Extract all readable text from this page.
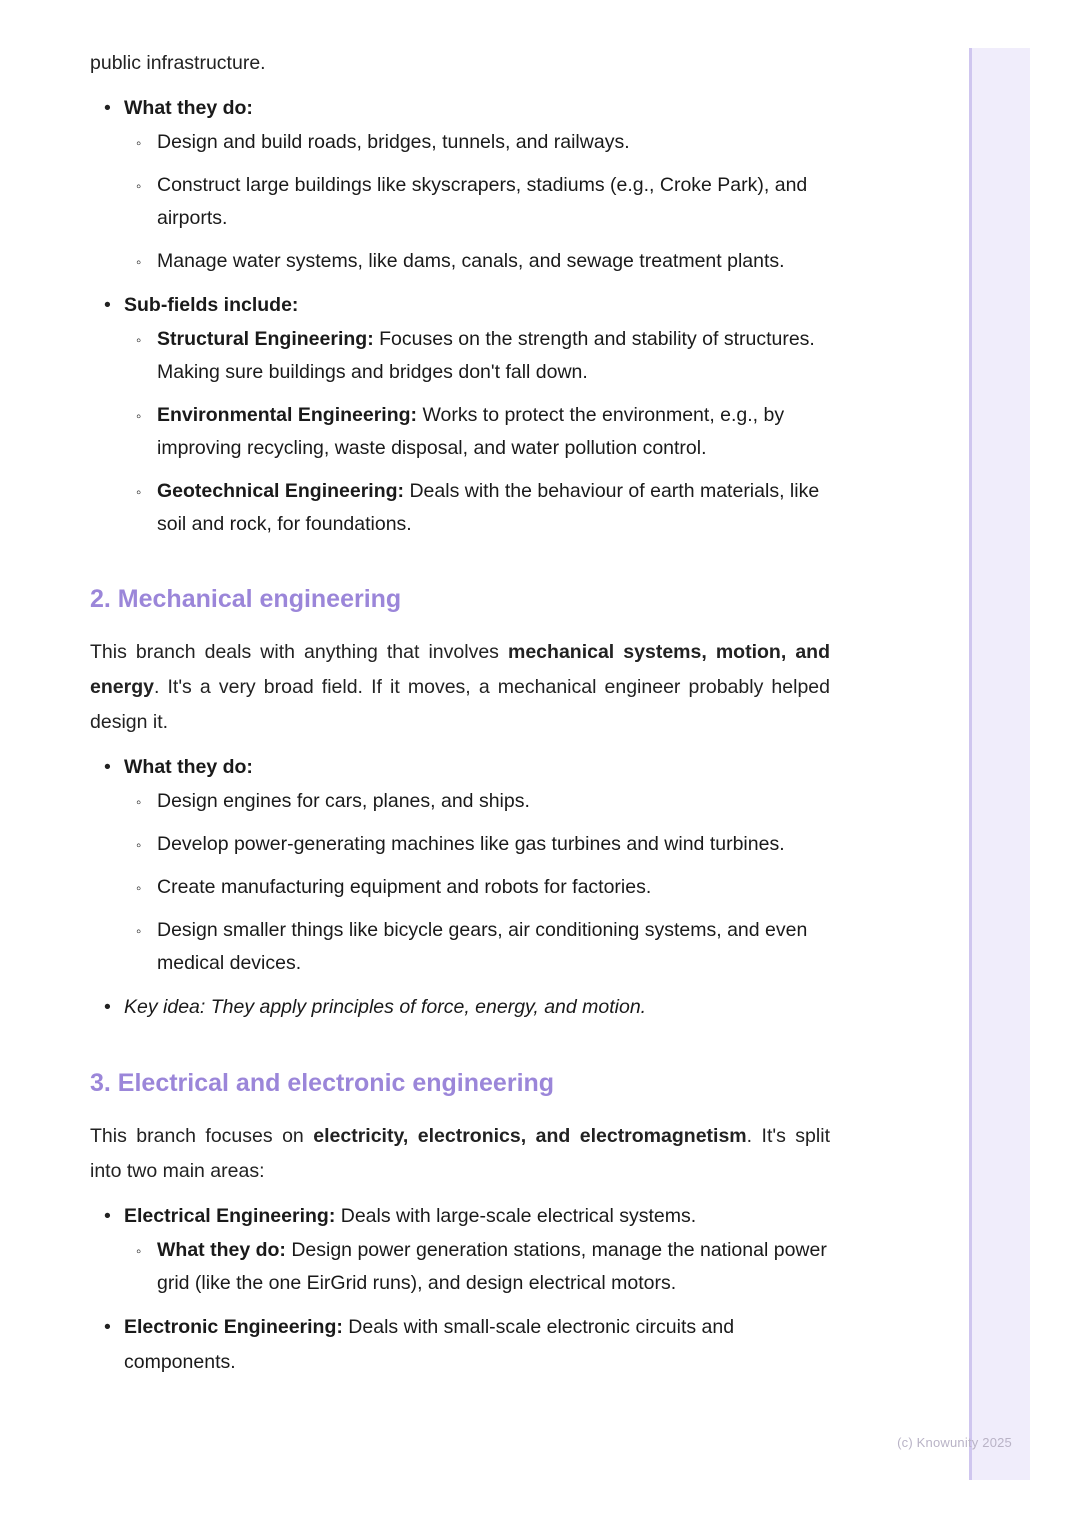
public infrastructure.

• What they do:
◦ Design and build roads, bridges, tunnels, and railways.
◦ Construct large buildings like skyscrapers, stadiums (e.g., Croke Park), and airports.
◦ Manage water systems, like dams, canals, and sewage treatment plants.
• Sub-fields include:
◦ Structural Engineering: Focuses on the strength and stability of structures. Making sure buildings and bridges don't fall down.
◦ Environmental Engineering: Works to protect the environment, e.g., by improving recycling, waste disposal, and water pollution control.
◦ Geotechnical Engineering: Deals with the behaviour of earth materials, like soil and rock, for foundations.
2. Mechanical engineering

This branch deals with anything that involves mechanical systems, motion, and energy. It's a very broad field. If it moves, a mechanical engineer probably helped design it.

• What they do:
◦ Design engines for cars, planes, and ships.
◦ Develop power-generating machines like gas turbines and wind turbines.
◦ Create manufacturing equipment and robots for factories.
◦ Design smaller things like bicycle gears, air conditioning systems, and even medical devices.
• Key idea: They apply principles of force, energy, and motion.
3. Electrical and electronic engineering

This branch focuses on electricity, electronics, and electromagnetism. It's split into two main areas:

• Electrical Engineering: Deals with large-scale electrical systems.
◦ What they do: Design power generation stations, manage the national power grid (like the one EirGrid runs), and design electrical motors.
• Electronic Engineering: Deals with small-scale electronic circuits and components.
(c) Knowunity 2025
